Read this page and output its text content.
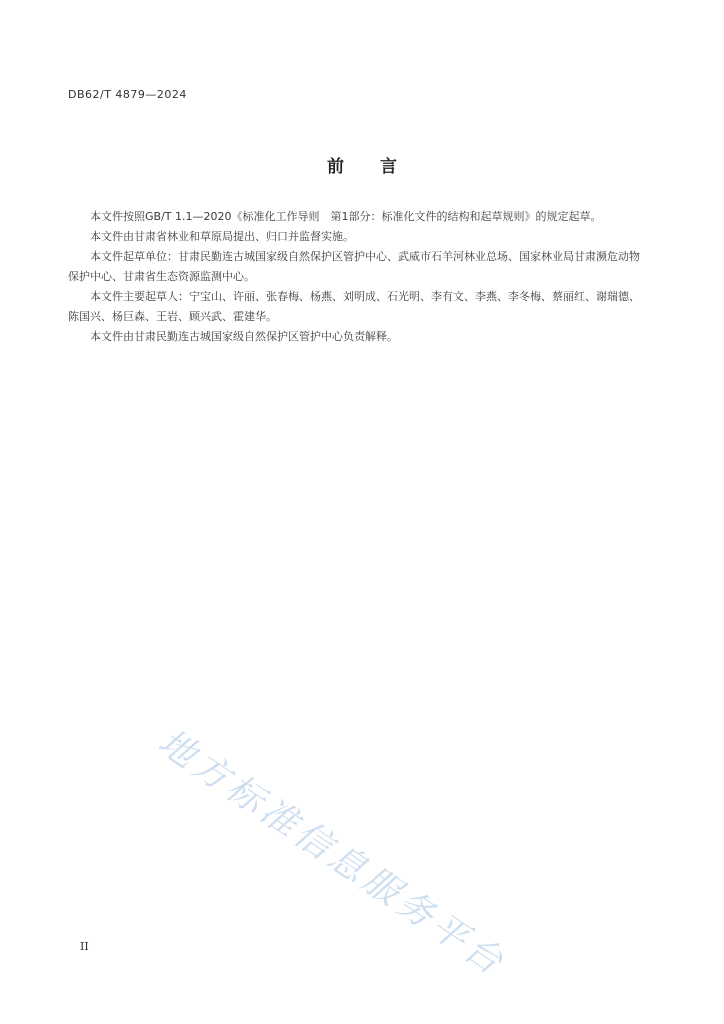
DB62/T 4879—2024
前 言

本文件按照GB/T 1.1—2020《标准化工作导则　第1部分：标准化文件的结构和起草规则》的规定起草。

本文件由甘肃省林业和草原局提出、归口并监督实施。

本文件起草单位：甘肃民勤连古城国家级自然保护区管护中心、武威市石羊河林业总场、国家林业局甘肃濒危动物保护中心、甘肃省生态资源监测中心。

本文件主要起草人：宁宝山、许丽、张春梅、杨燕、刘明成、石光明、李有文、李燕、李冬梅、蔡丽红、谢瑞德、陈国兴、杨巨森、王岩、顾兴武、霍建华。

本文件由甘肃民勤连古城国家级自然保护区管护中心负责解释。

地方标准信息服务平台
II
